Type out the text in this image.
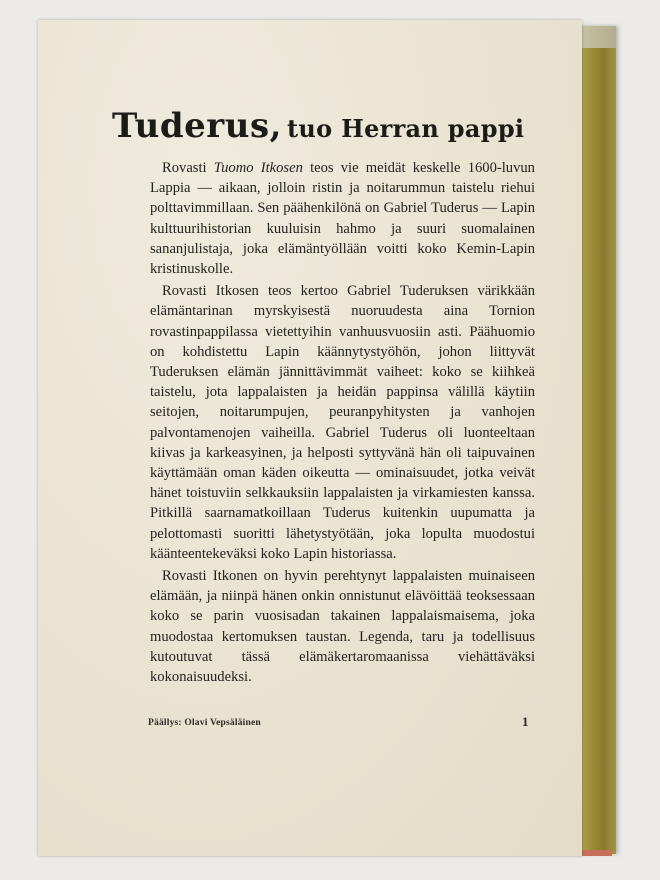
Tuderus, tuo Herran pappi

Rovasti Tuomo Itkosen teos vie meidät keskelle 1600-luvun Lappia — aikaan, jolloin ristin ja noitarummun taistelu riehui polttavimmillaan. Sen päähenkilönä on Gabriel Tuderus — Lapin kulttuurihistorian kuuluisin hahmo ja suuri suomalainen sananjulistaja, joka elämäntyöllään voitti koko Kemin-Lapin kristinuskolle.

Rovasti Itkosen teos kertoo Gabriel Tuderuksen värikkään elämäntarinan myrskyisestä nuoruudesta aina Tornion rovastinpappilassa vietettyihin vanhuusvuosiin asti. Päähuomio on kohdistettu Lapin käännytystyöhön, johon liittyvät Tuderuksen elämän jännittävimmät vaiheet: koko se kiihkeä taistelu, jota lappalaisten ja heidän pappinsa välillä käytiin seitojen, noitarumpujen, peuranpyhitysten ja vanhojen palvontamenojen vaiheilla. Gabriel Tuderus oli luonteeltaan kiivas ja karkeasyinen, ja helposti syttyvänä hän oli taipuvainen käyttämään oman käden oikeutta — ominaisuudet, jotka veivät hänet toistuviin selkkauksiin lappalaisten ja virkamiesten kanssa. Pitkillä saarnamatkoillaan Tuderus kuitenkin uupumatta ja pelottomasti suoritti lähetystyötään, joka lopulta muodostui käänteentekeväksi koko Lapin historiassa.

Rovasti Itkonen on hyvin perehtynyt lappalaisten muinaiseen elämään, ja niinpä hänen onkin onnistunut elävöittää teoksessaan koko se parin vuosisadan takainen lappalaismaisema, joka muodostaa kertomuksen taustan. Legenda, taru ja todellisuus kutoutuvat tässä elämäkertaromaanissa viehättäväksi kokonaisuudeksi.

Päällys: Olavi Vepsäläinen	1
